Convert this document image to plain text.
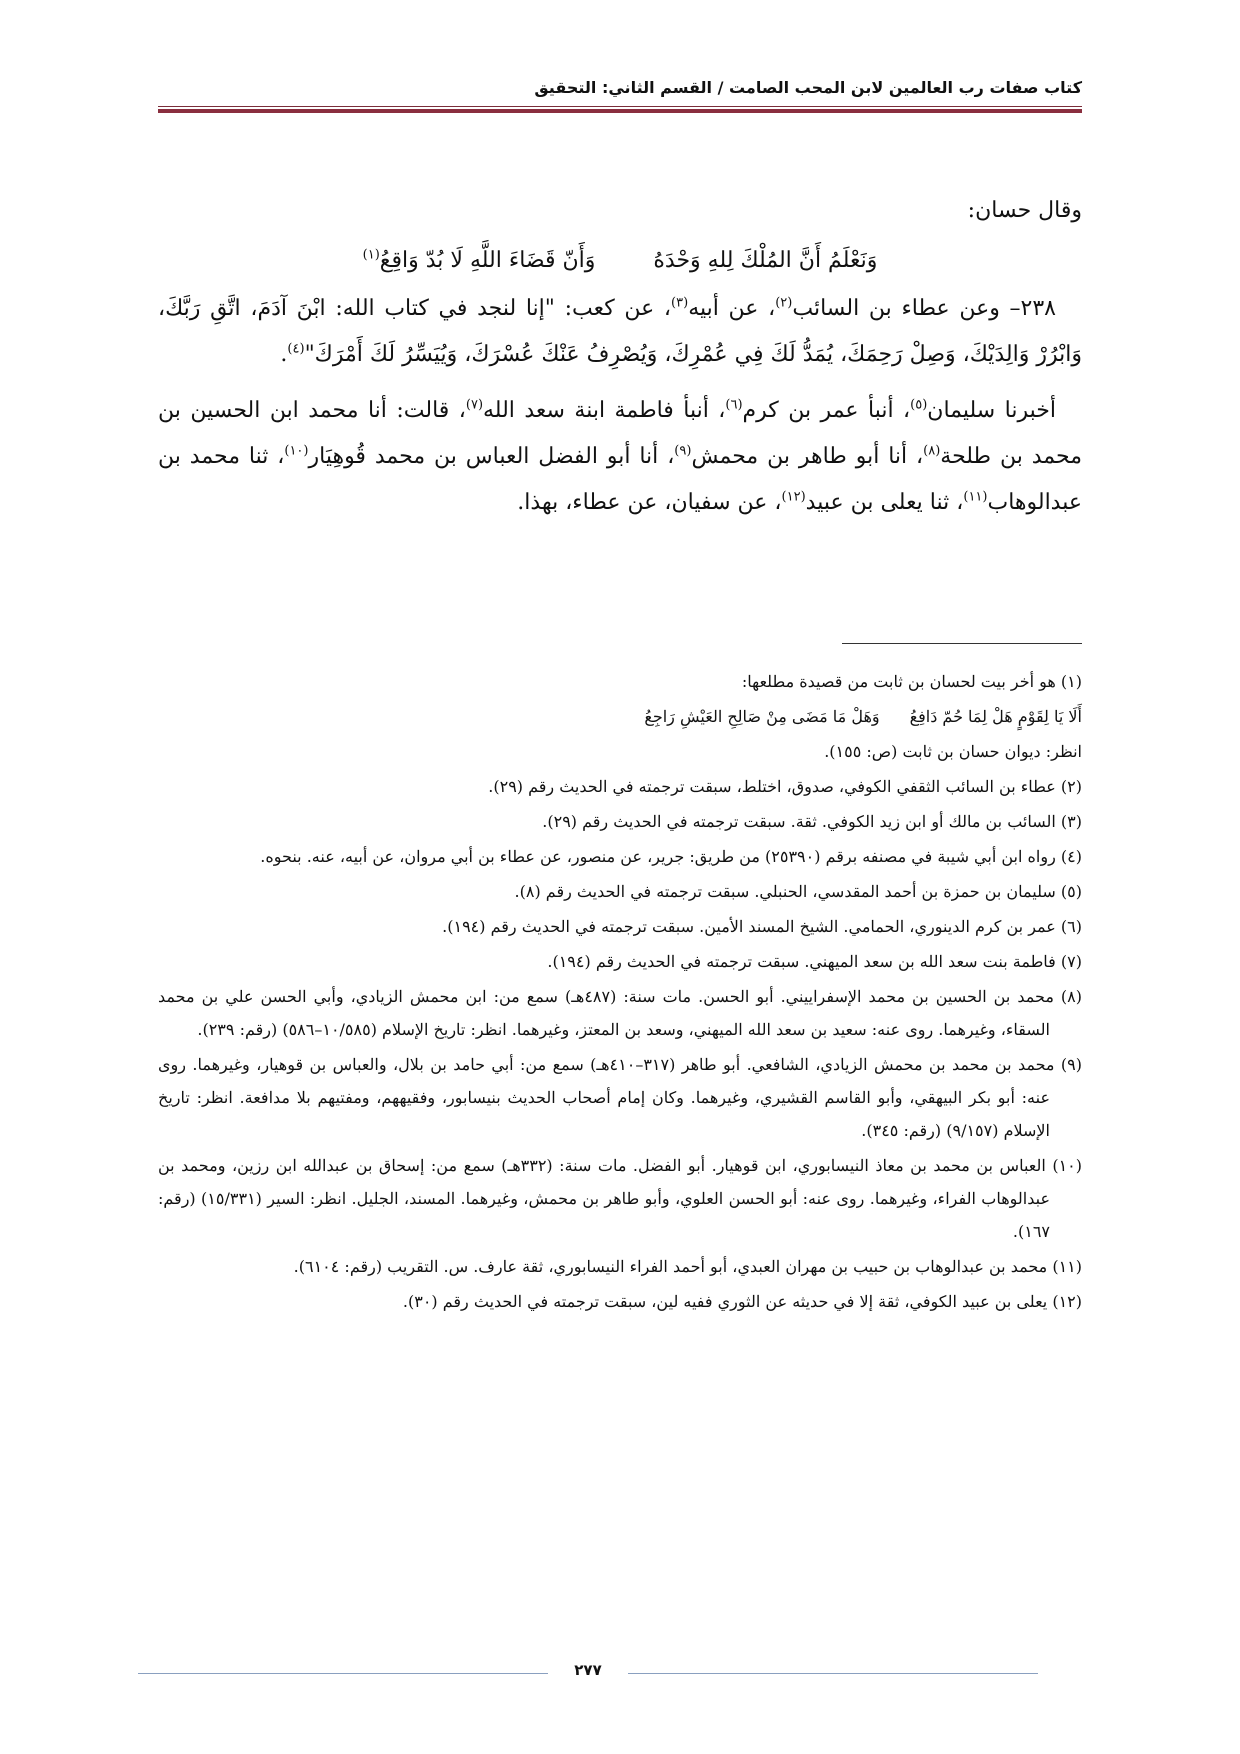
كتاب صفات رب العالمين لابن المحب الصامت / القسم الثاني: التحقيق

وقال حسان:

وَنَعْلَمُ أَنَّ المُلْكَ لِلهِ وَحْدَهُ
وَأَنّ قَضَاءَ اللَّهِ لَا بُدّ وَاقِعُ$^{(١)}$

٢٣٨– وعن عطاء بن السائب$^{(٢)}$، عن أبيه$^{(٣)}$، عن كعب: "إنا لنجد في كتاب الله: ابْنَ آدَمَ، اتَّقِ رَبَّكَ، وَابْرُرْ وَالِدَيْكَ، وَصِلْ رَحِمَكَ، يُمَدُّ لَكَ فِي عُمْرِكَ، وَيُصْرِفُ عَنْكَ عُسْرَكَ، وَيُيَسِّرُ لَكَ أَمْرَكَ"$^{(٤)}$.

أخبرنا سليمان$^{(٥)}$، أنبأ عمر بن كرم$^{(٦)}$، أنبأ فاطمة ابنة سعد الله$^{(٧)}$، قالت: أنا محمد ابن الحسين بن محمد بن طلحة$^{(٨)}$، أنا أبو طاهر بن محمش$^{(٩)}$، أنا أبو الفضل العباس بن محمد قُوهِيَار$^{(١٠)}$، ثنا محمد بن عبدالوهاب$^{(١١)}$، ثنا يعلى بن عبيد$^{(١٢)}$، عن سفيان، عن عطاء، بهذا.

(١) هو أخر بيت لحسان بن ثابت من قصيدة مطلعها:

أَلَا يَا لِقَوْمٍ هَلْ لِمَا حُمّ دَافِعُ
وَهَلْ مَا مَضَى مِنْ صَالِحِ العَيْشِ رَاجِعُ

انظر: ديوان حسان بن ثابت (ص: ١٥٥).

(٢) عطاء بن السائب الثقفي الكوفي، صدوق، اختلط، سبقت ترجمته في الحديث رقم (٢٩).

(٣) السائب بن مالك أو ابن زيد الكوفي. ثقة. سبقت ترجمته في الحديث رقم (٢٩).

(٤) رواه ابن أبي شيبة في مصنفه برقم (٢٥٣٩٠) من طريق: جرير، عن منصور، عن عطاء بن أبي مروان، عن أبيه، عنه. بنحوه.

(٥) سليمان بن حمزة بن أحمد المقدسي، الحنبلي. سبقت ترجمته في الحديث رقم (٨).

(٦) عمر بن كرم الدينوري، الحمامي. الشيخ المسند الأمين. سبقت ترجمته في الحديث رقم (١٩٤).

(٧) فاطمة بنت سعد الله بن سعد الميهني. سبقت ترجمته في الحديث رقم (١٩٤).

(٨) محمد بن الحسين بن محمد الإسفراييني. أبو الحسن. مات سنة: (٤٨٧هـ) سمع من: ابن محمش الزيادي، وأبي الحسن علي بن محمد السقاء، وغيرهما. روى عنه: سعيد بن سعد الله الميهني، وسعد بن المعتز، وغيرهما. انظر: تاريخ الإسلام (١٠/٥٨٥–٥٨٦) (رقم: ٢٣٩).

(٩) محمد بن محمد بن محمش الزيادي، الشافعي. أبو طاهر (٣١٧–٤١٠هـ) سمع من: أبي حامد بن بلال، والعباس بن قوهيار، وغيرهما. روى عنه: أبو بكر البيهقي، وأبو القاسم القشيري، وغيرهما. وكان إمام أصحاب الحديث بنيسابور، وفقيههم، ومفتيهم بلا مدافعة. انظر: تاريخ الإسلام (٩/١٥٧) (رقم: ٣٤٥).

(١٠) العباس بن محمد بن معاذ النيسابوري، ابن قوهيار. أبو الفضل. مات سنة: (٣٣٢هـ) سمع من: إسحاق بن عبدالله ابن رزين، ومحمد بن عبدالوهاب الفراء، وغيرهما. روى عنه: أبو الحسن العلوي، وأبو طاهر بن محمش، وغيرهما. المسند، الجليل. انظر: السير (١٥/٣٣١) (رقم: ١٦٧).

(١١) محمد بن عبدالوهاب بن حبيب بن مهران العبدي، أبو أحمد الفراء النيسابوري، ثقة عارف. س. التقريب (رقم: ٦١٠٤).

(١٢) يعلى بن عبيد الكوفي، ثقة إلا في حديثه عن الثوري ففيه لين، سبقت ترجمته في الحديث رقم (٣٠).

٢٧٧
